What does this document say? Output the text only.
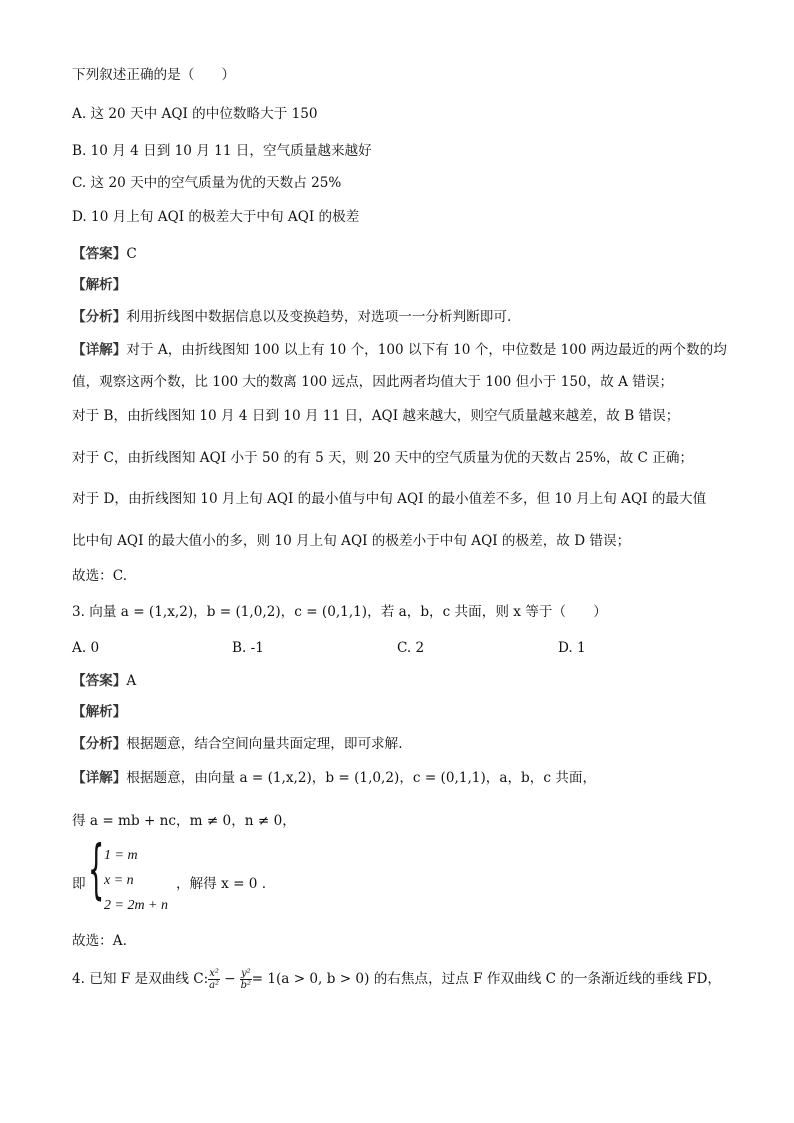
下列叙述正确的是（　　）
A. 这 20 天中 AQI 的中位数略大于 150
B. 10 月 4 日到 10 月 11 日，空气质量越来越好
C. 这 20 天中的空气质量为优的天数占 25%
D. 10 月上旬 AQI 的极差大于中旬 AQI 的极差
【答案】C
【解析】
【分析】利用折线图中数据信息以及变换趋势，对选项一一分析判断即可.
【详解】对于 A，由折线图知 100 以上有 10 个，100 以下有 10 个，中位数是 100 两边最近的两个数的均
值，观察这两个数，比 100 大的数离 100 远点，因此两者均值大于 100 但小于 150，故 A 错误；
对于 B，由折线图知 10 月 4 日到 10 月 11 日，AQI 越来越大，则空气质量越来越差，故 B 错误；
对于 C，由折线图知 AQI 小于 50 的有 5 天，则 20 天中的空气质量为优的天数占 25%，故 C 正确；
对于 D，由折线图知 10 月上旬 AQI 的最小值与中旬 AQI 的最小值差不多，但 10 月上旬 AQI 的最大值
比中旬 AQI 的最大值小的多，则 10 月上旬 AQI 的极差小于中旬 AQI 的极差，故 D 错误；
故选：C.
3. 向量 a = (1,x,2)，b = (1,0,2)，c = (0,1,1)，若 a，b，c 共面，则 x 等于（　　）
A. 0	B. -1	C. 2	D. 1
【答案】A
【解析】
【分析】根据题意，结合空间向量共面定理，即可求解.
【详解】根据题意，由向量 a = (1,x,2)，b = (1,0,2)，c = (0,1,1)，a，b，c 共面，
得 a = mb + nc，m ≠ 0，n ≠ 0，
即 { 1 = m
x = n
2 = 2m + n
，解得 x = 0 .
故选：A.
4. 已知 F 是双曲线 C: $\frac{\text{x²}}{\text{a²}} - \frac{\text{y²}}{\text{b²}} = 1(a > 0$, b > 0) 的右焦点，过点 F 作双曲线 C 的一条渐近线的垂线 FD，
